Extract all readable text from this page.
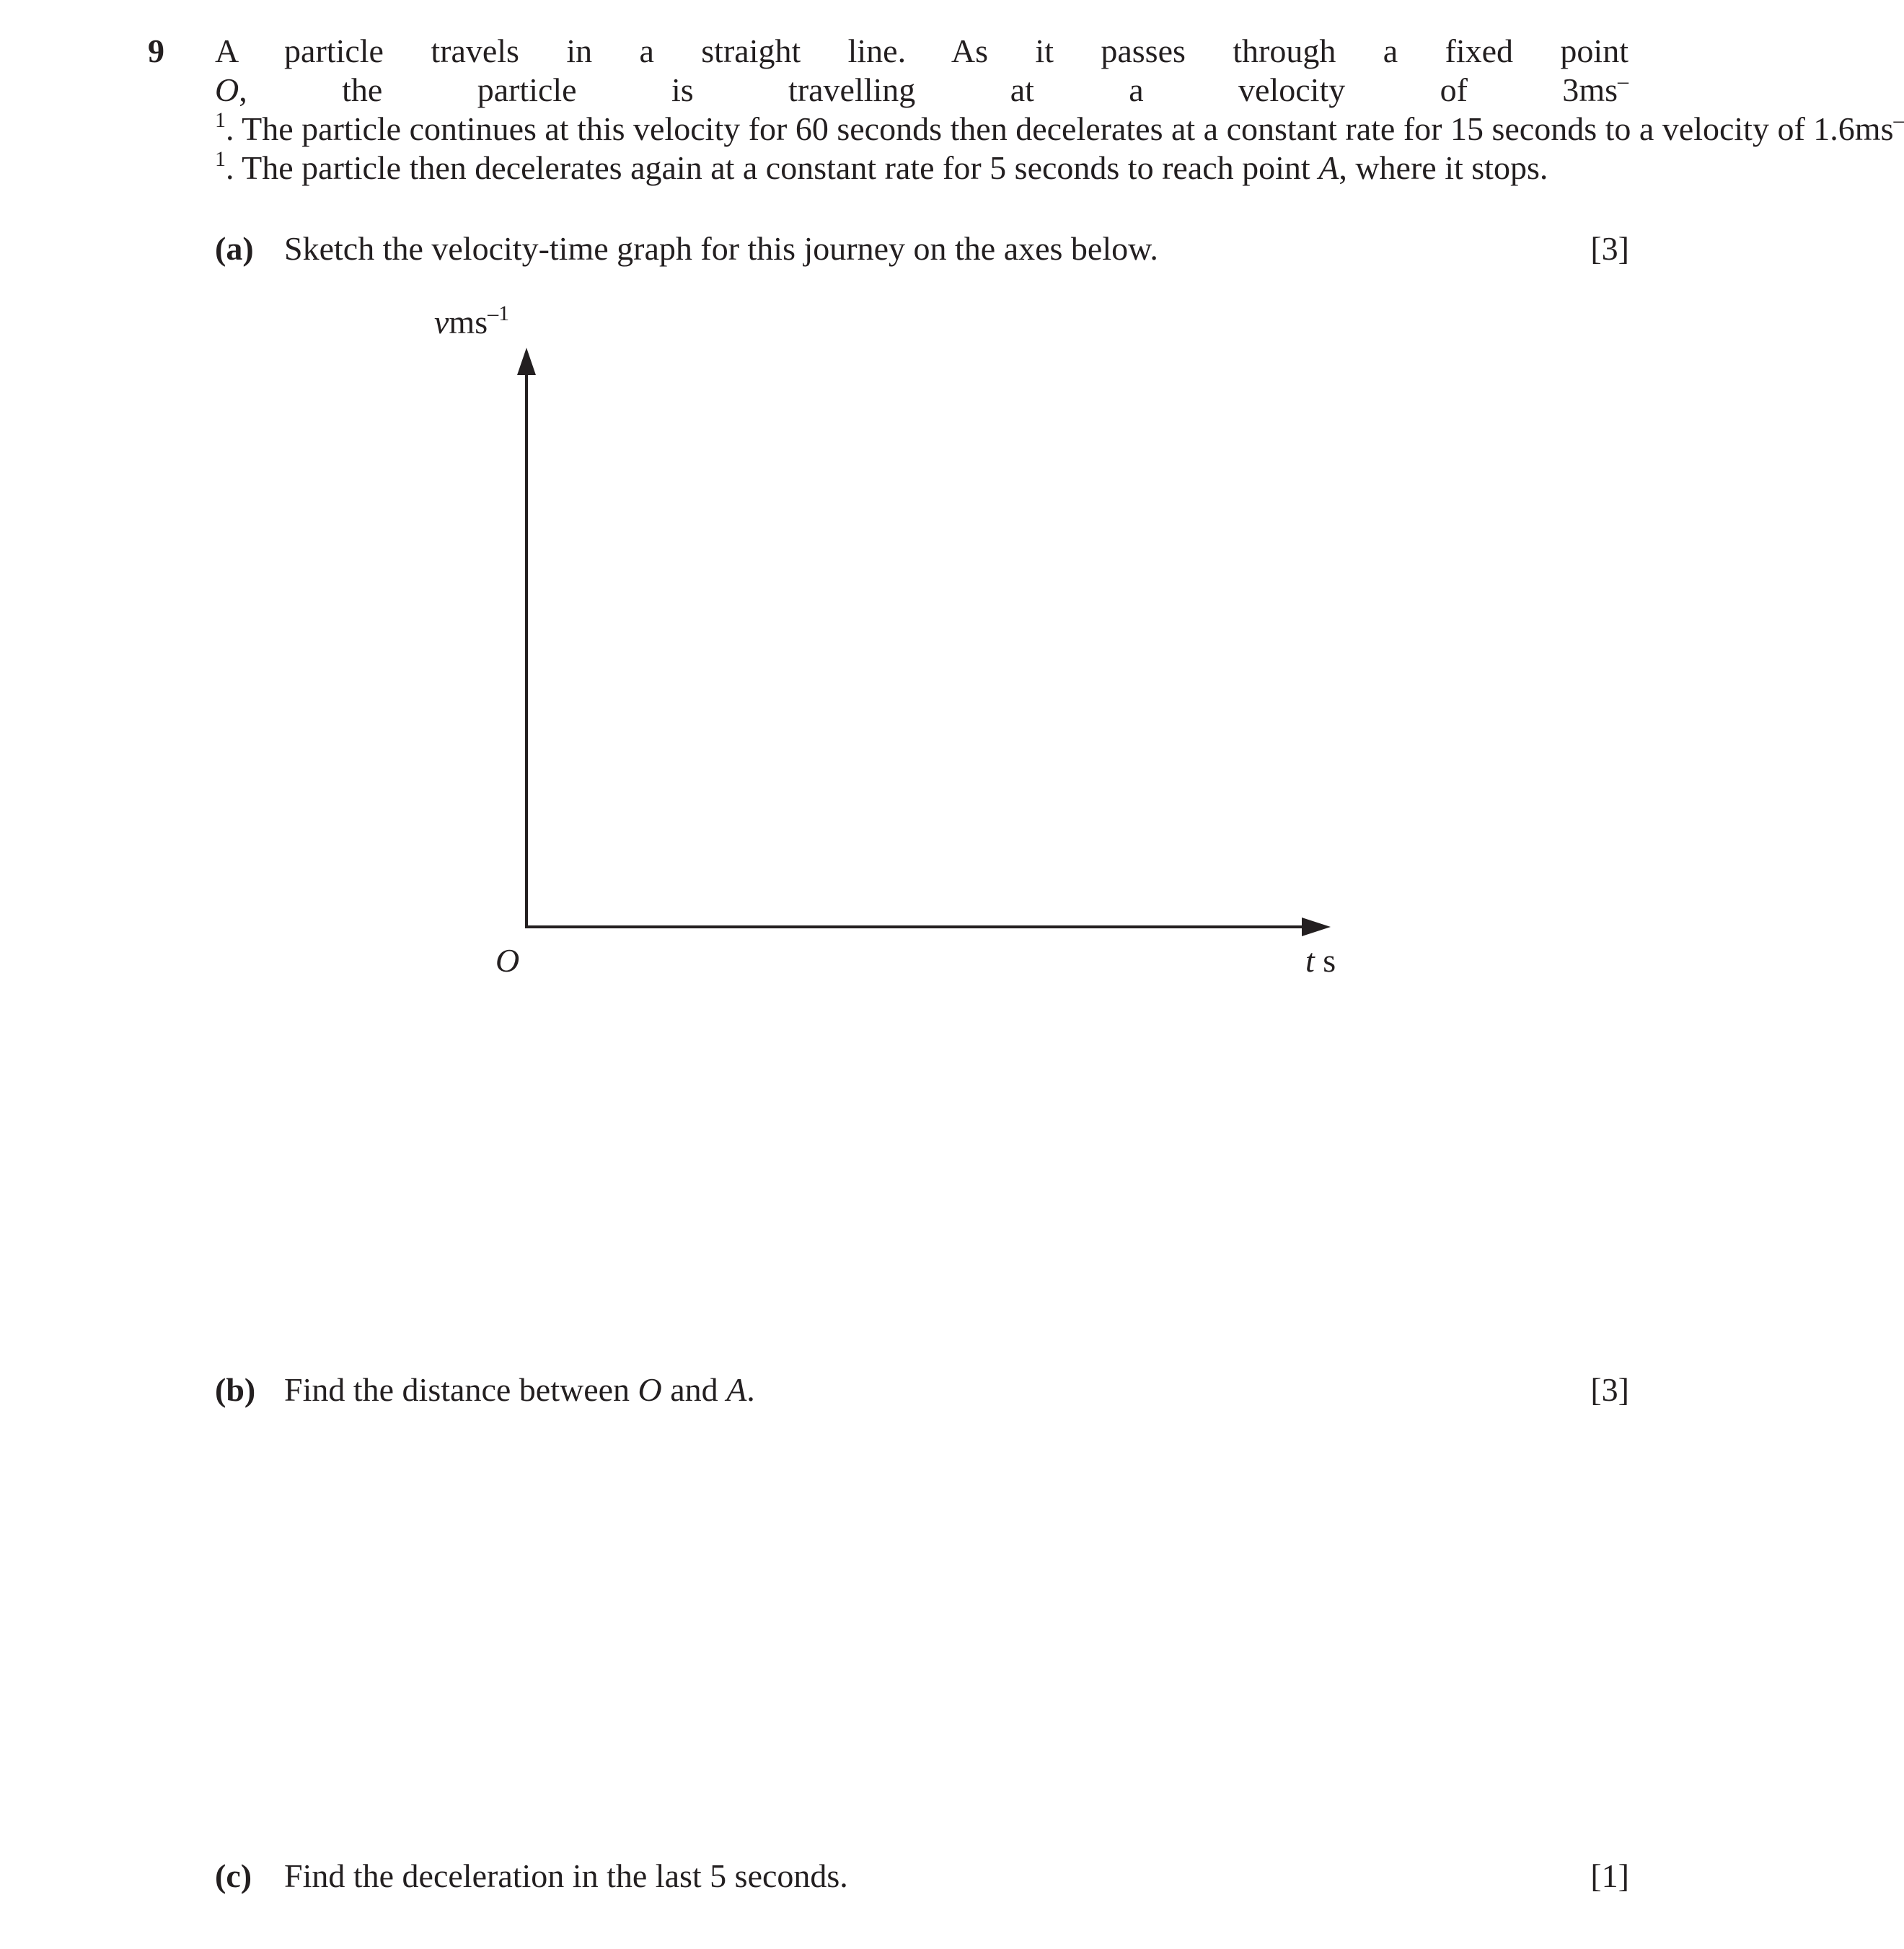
9 A particle travels in a straight line. As it passes through a fixed point O, the particle is travelling at a velocity of $3ms^{-1}$. The particle continues at this velocity for 60 seconds then decelerates at a constant rate for 15 seconds to a velocity of $1.6ms^{-1}$. The particle then decelerates again at a constant rate for 5 seconds to reach point A, where it stops.

(a) Sketch the velocity-time graph for this journey on the axes below.	[3]
vms$^{-1}$
O	t s
(b) Find the distance between O and A.	[3]
(c) Find the deceleration in the last 5 seconds.	[1]
